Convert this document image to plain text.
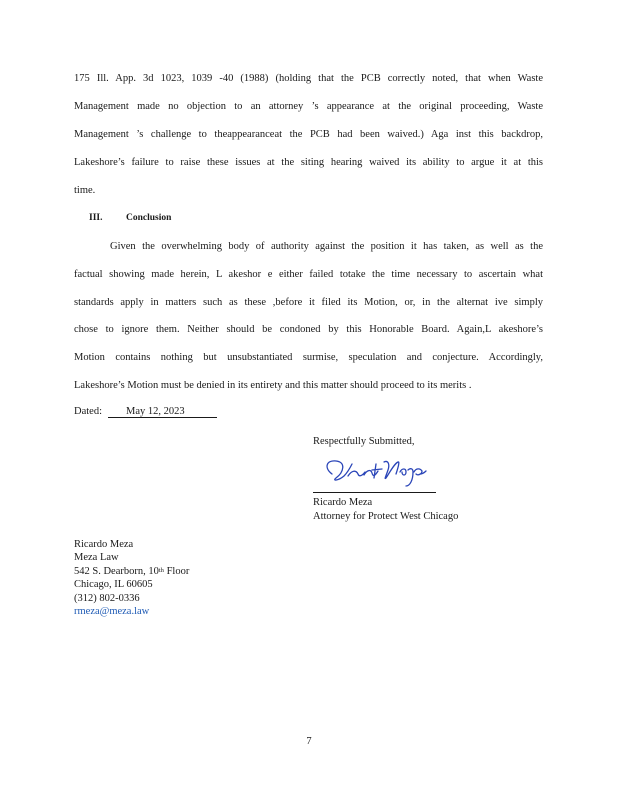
175 Ill. App. 3d 1023, 1039 -40 (1988) (holding that the PCB correctly noted, that when Waste
Management made no objection to an attorney ’s appearance at the original proceeding, Waste
Management ’s challenge to theappearanceat the PCB had been waived.) Aga inst this backdrop,
Lakeshore’s failure to raise these issues at the siting hearing waived its ability to argue it at this
time.
III. Conclusion
Given the overwhelming body of authority against the position it has taken, as well as the
factual showing made herein, L akeshor e either failed totake the time necessary to ascertain what
standards apply in matters such as these ,before it filed its Motion, or, in the alternat ive simply
chose to ignore them. Neither should be condoned by this Honorable Board. Again,L akeshore’s
Motion contains nothing but unsubstantiated surmise, speculation and conjecture. Accordingly,
Lakeshore’s Motion must be denied in its entirety and this matter should proceed to its merits .
Dated: May 12, 2023
Respectfully Submitted,
Ricardo Meza
Attorney for Protect West Chicago
Ricardo Meza
Meza Law
542 S. Dearborn, 10th Floor
Chicago, IL 60605
(312) 802-0336
rmeza@meza.law
7
